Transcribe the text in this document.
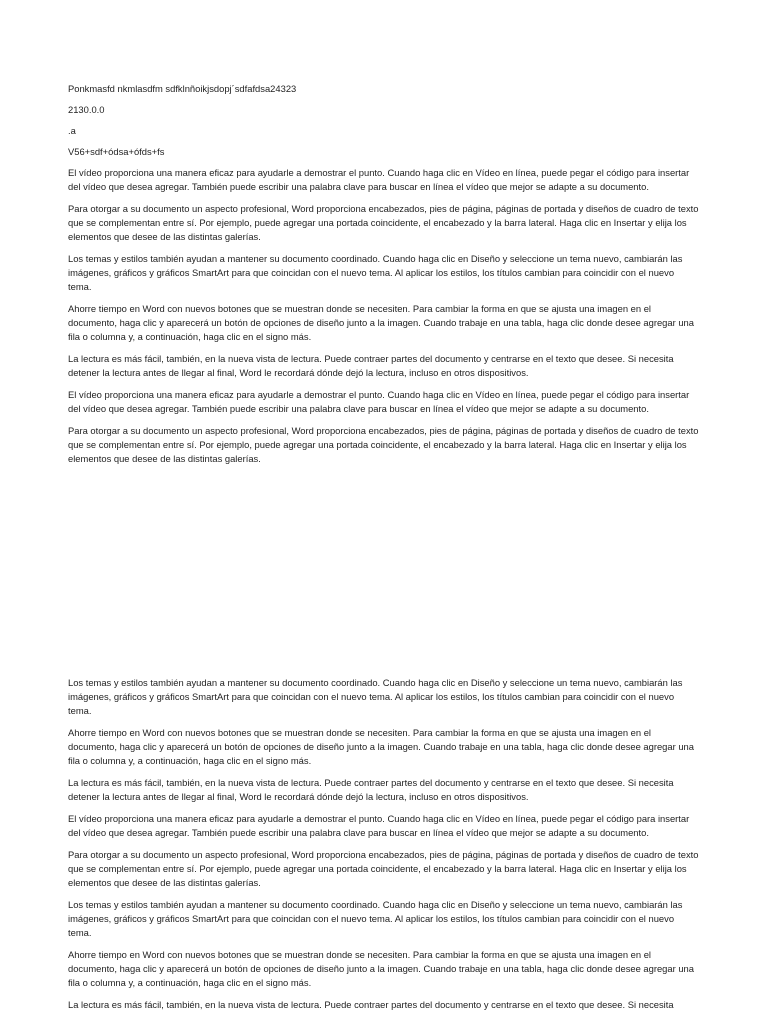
Ponkmasfd nkmlasdfm sdfklnñoikjsdopj´sdfafdsa24323

2130.0.0

.a

V56+sdf+ódsa+ófds+fs

El vídeo proporciona una manera eficaz para ayudarle a demostrar el punto. Cuando haga clic en Vídeo en línea, puede pegar el código para insertar del vídeo que desea agregar. También puede escribir una palabra clave para buscar en línea el vídeo que mejor se adapte a su documento.

Para otorgar a su documento un aspecto profesional, Word proporciona encabezados, pies de página, páginas de portada y diseños de cuadro de texto que se complementan entre sí. Por ejemplo, puede agregar una portada coincidente, el encabezado y la barra lateral. Haga clic en Insertar y elija los elementos que desee de las distintas galerías.

Los temas y estilos también ayudan a mantener su documento coordinado. Cuando haga clic en Diseño y seleccione un tema nuevo, cambiarán las imágenes, gráficos y gráficos SmartArt para que coincidan con el nuevo tema. Al aplicar los estilos, los títulos cambian para coincidir con el nuevo tema.

Ahorre tiempo en Word con nuevos botones que se muestran donde se necesiten. Para cambiar la forma en que se ajusta una imagen en el documento, haga clic y aparecerá un botón de opciones de diseño junto a la imagen. Cuando trabaje en una tabla, haga clic donde desee agregar una fila o columna y, a continuación, haga clic en el signo más.

La lectura es más fácil, también, en la nueva vista de lectura. Puede contraer partes del documento y centrarse en el texto que desee. Si necesita detener la lectura antes de llegar al final, Word le recordará dónde dejó la lectura, incluso en otros dispositivos.

El vídeo proporciona una manera eficaz para ayudarle a demostrar el punto. Cuando haga clic en Vídeo en línea, puede pegar el código para insertar del vídeo que desea agregar. También puede escribir una palabra clave para buscar en línea el vídeo que mejor se adapte a su documento.

Para otorgar a su documento un aspecto profesional, Word proporciona encabezados, pies de página, páginas de portada y diseños de cuadro de texto que se complementan entre sí. Por ejemplo, puede agregar una portada coincidente, el encabezado y la barra lateral. Haga clic en Insertar y elija los elementos que desee de las distintas galerías.

Los temas y estilos también ayudan a mantener su documento coordinado. Cuando haga clic en Diseño y seleccione un tema nuevo, cambiarán las imágenes, gráficos y gráficos SmartArt para que coincidan con el nuevo tema. Al aplicar los estilos, los títulos cambian para coincidir con el nuevo tema.

Ahorre tiempo en Word con nuevos botones que se muestran donde se necesiten. Para cambiar la forma en que se ajusta una imagen en el documento, haga clic y aparecerá un botón de opciones de diseño junto a la imagen. Cuando trabaje en una tabla, haga clic donde desee agregar una fila o columna y, a continuación, haga clic en el signo más.

La lectura es más fácil, también, en la nueva vista de lectura. Puede contraer partes del documento y centrarse en el texto que desee. Si necesita detener la lectura antes de llegar al final, Word le recordará dónde dejó la lectura, incluso en otros dispositivos.

El vídeo proporciona una manera eficaz para ayudarle a demostrar el punto. Cuando haga clic en Vídeo en línea, puede pegar el código para insertar del vídeo que desea agregar. También puede escribir una palabra clave para buscar en línea el vídeo que mejor se adapte a su documento.

Para otorgar a su documento un aspecto profesional, Word proporciona encabezados, pies de página, páginas de portada y diseños de cuadro de texto que se complementan entre sí. Por ejemplo, puede agregar una portada coincidente, el encabezado y la barra lateral. Haga clic en Insertar y elija los elementos que desee de las distintas galerías.

Los temas y estilos también ayudan a mantener su documento coordinado. Cuando haga clic en Diseño y seleccione un tema nuevo, cambiarán las imágenes, gráficos y gráficos SmartArt para que coincidan con el nuevo tema. Al aplicar los estilos, los títulos cambian para coincidir con el nuevo tema.

Ahorre tiempo en Word con nuevos botones que se muestran donde se necesiten. Para cambiar la forma en que se ajusta una imagen en el documento, haga clic y aparecerá un botón de opciones de diseño junto a la imagen. Cuando trabaje en una tabla, haga clic donde desee agregar una fila o columna y, a continuación, haga clic en el signo más.

La lectura es más fácil, también, en la nueva vista de lectura. Puede contraer partes del documento y centrarse en el texto que desee. Si necesita
